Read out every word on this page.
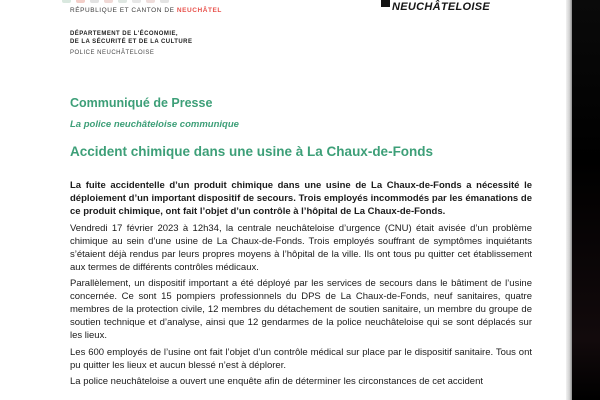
RÉPUBLIQUE ET CANTON DE NEUCHÂTEL
DÉPARTEMENT DE L'ÉCONOMIE,
DE LA SÉCURITÉ ET DE LA CULTURE
POLICE NEUCHÂTELOISE
NEUCHÂTELOISE
Communiqué de Presse
La police neuchâteloise communique
Accident chimique dans une usine à La Chaux-de-Fonds

La fuite accidentelle d’un produit chimique dans une usine de La Chaux-de-Fonds a nécessité le déploiement d’un important dispositif de secours. Trois employés incommodés par les émanations de ce produit chimique, ont fait l’objet d’un contrôle à l’hôpital de La Chaux-de-Fonds.

Vendredi 17 février 2023 à 12h34, la centrale neuchâteloise d’urgence (CNU) était avisée d’un problème chimique au sein d’une usine de La Chaux-de-Fonds. Trois employés souffrant de symptômes inquiétants s’étaient déjà rendus par leurs propres moyens à l’hôpital de la ville. Ils ont tous pu quitter cet établissement aux termes de différents contrôles médicaux.

Parallèlement, un dispositif important a été déployé par les services de secours dans le bâtiment de l’usine concernée. Ce sont 15 pompiers professionnels du DPS de La Chaux-de-Fonds, neuf sanitaires, quatre membres de la protection civile, 12 membres du détachement de soutien sanitaire, un membre du groupe de soutien technique et d’analyse, ainsi que 12 gendarmes de la police neuchâteloise qui se sont déplacés sur les lieux.

Les 600 employés de l’usine ont fait l’objet d’un contrôle médical sur place par le dispositif sanitaire. Tous ont pu quitter les lieux et aucun blessé n’est à déplorer.

La police neuchâteloise a ouvert une enquête afin de déterminer les circonstances de cet accident
